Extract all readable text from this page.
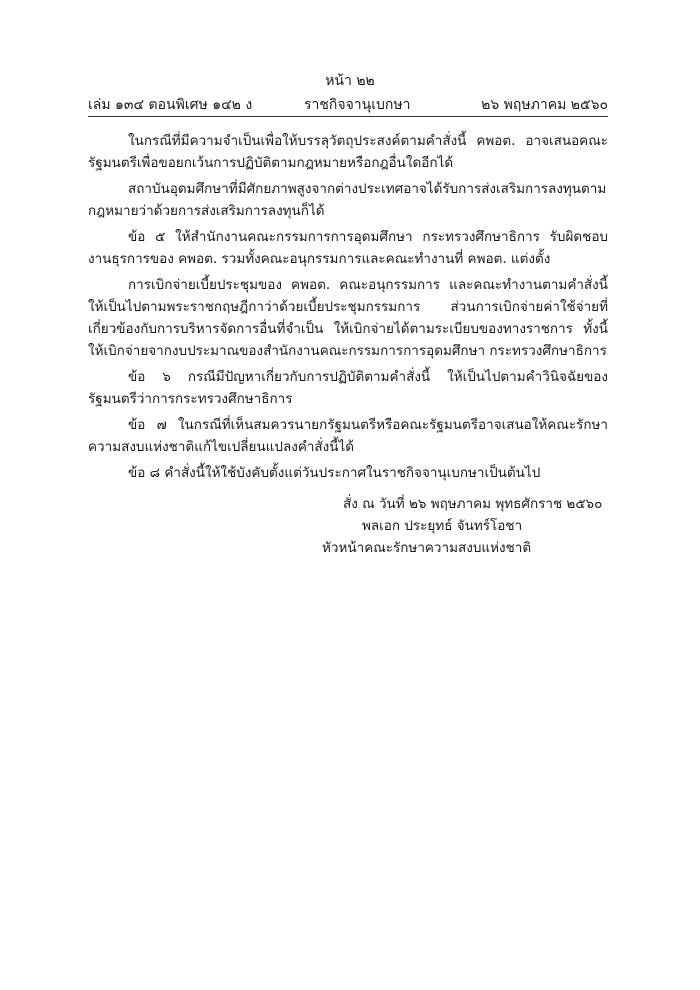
หน้า ๒๒
เล่ม ๑๓๔ ตอนพิเศษ ๑๔๒ ง	ราชกิจจานุเบกษา	๒๖ พฤษภาคม ๒๕๖๐

ในกรณีที่มีความจำเป็นเพื่อให้บรรลุวัตถุประสงค์ตามคำสั่งนี้ คพอต. อาจเสนอคณะรัฐมนตรีเพื่อขอยกเว้นการปฏิบัติตามกฎหมายหรือกฎอื่นใดอีกได้

สถาบันอุดมศึกษาที่มีศักยภาพสูงจากต่างประเทศอาจได้รับการส่งเสริมการลงทุนตามกฎหมายว่าด้วยการส่งเสริมการลงทุนก็ได้

ข้อ ๕ ให้สำนักงานคณะกรรมการการอุดมศึกษา กระทรวงศึกษาธิการ รับผิดชอบงานธุรการของ คพอต. รวมทั้งคณะอนุกรรมการและคณะทำงานที่ คพอต. แต่งตั้ง

การเบิกจ่ายเบี้ยประชุมของ คพอต. คณะอนุกรรมการ และคณะทำงานตามคำสั่งนี้ให้เป็นไปตามพระราชกฤษฎีกาว่าด้วยเบี้ยประชุมกรรมการ ส่วนการเบิกจ่ายค่าใช้จ่ายที่เกี่ยวข้องกับการบริหารจัดการอื่นที่จำเป็น ให้เบิกจ่ายได้ตามระเบียบของทางราชการ ทั้งนี้ ให้เบิกจ่ายจากงบประมาณของสำนักงานคณะกรรมการการอุดมศึกษา กระทรวงศึกษาธิการ

ข้อ ๖ กรณีมีปัญหาเกี่ยวกับการปฏิบัติตามคำสั่งนี้ ให้เป็นไปตามคำวินิจฉัยของรัฐมนตรีว่าการกระทรวงศึกษาธิการ

ข้อ ๗ ในกรณีที่เห็นสมควรนายกรัฐมนตรีหรือคณะรัฐมนตรีอาจเสนอให้คณะรักษาความสงบแห่งชาติแก้ไขเปลี่ยนแปลงคำสั่งนี้ได้

ข้อ ๘ คำสั่งนี้ให้ใช้บังคับตั้งแต่วันประกาศในราชกิจจานุเบกษาเป็นต้นไป

สั่ง ณ วันที่ ๒๖ พฤษภาคม พุทธศักราช ๒๕๖๐
พลเอก ประยุทธ์ จันทร์โอชา
หัวหน้าคณะรักษาความสงบแห่งชาติ
